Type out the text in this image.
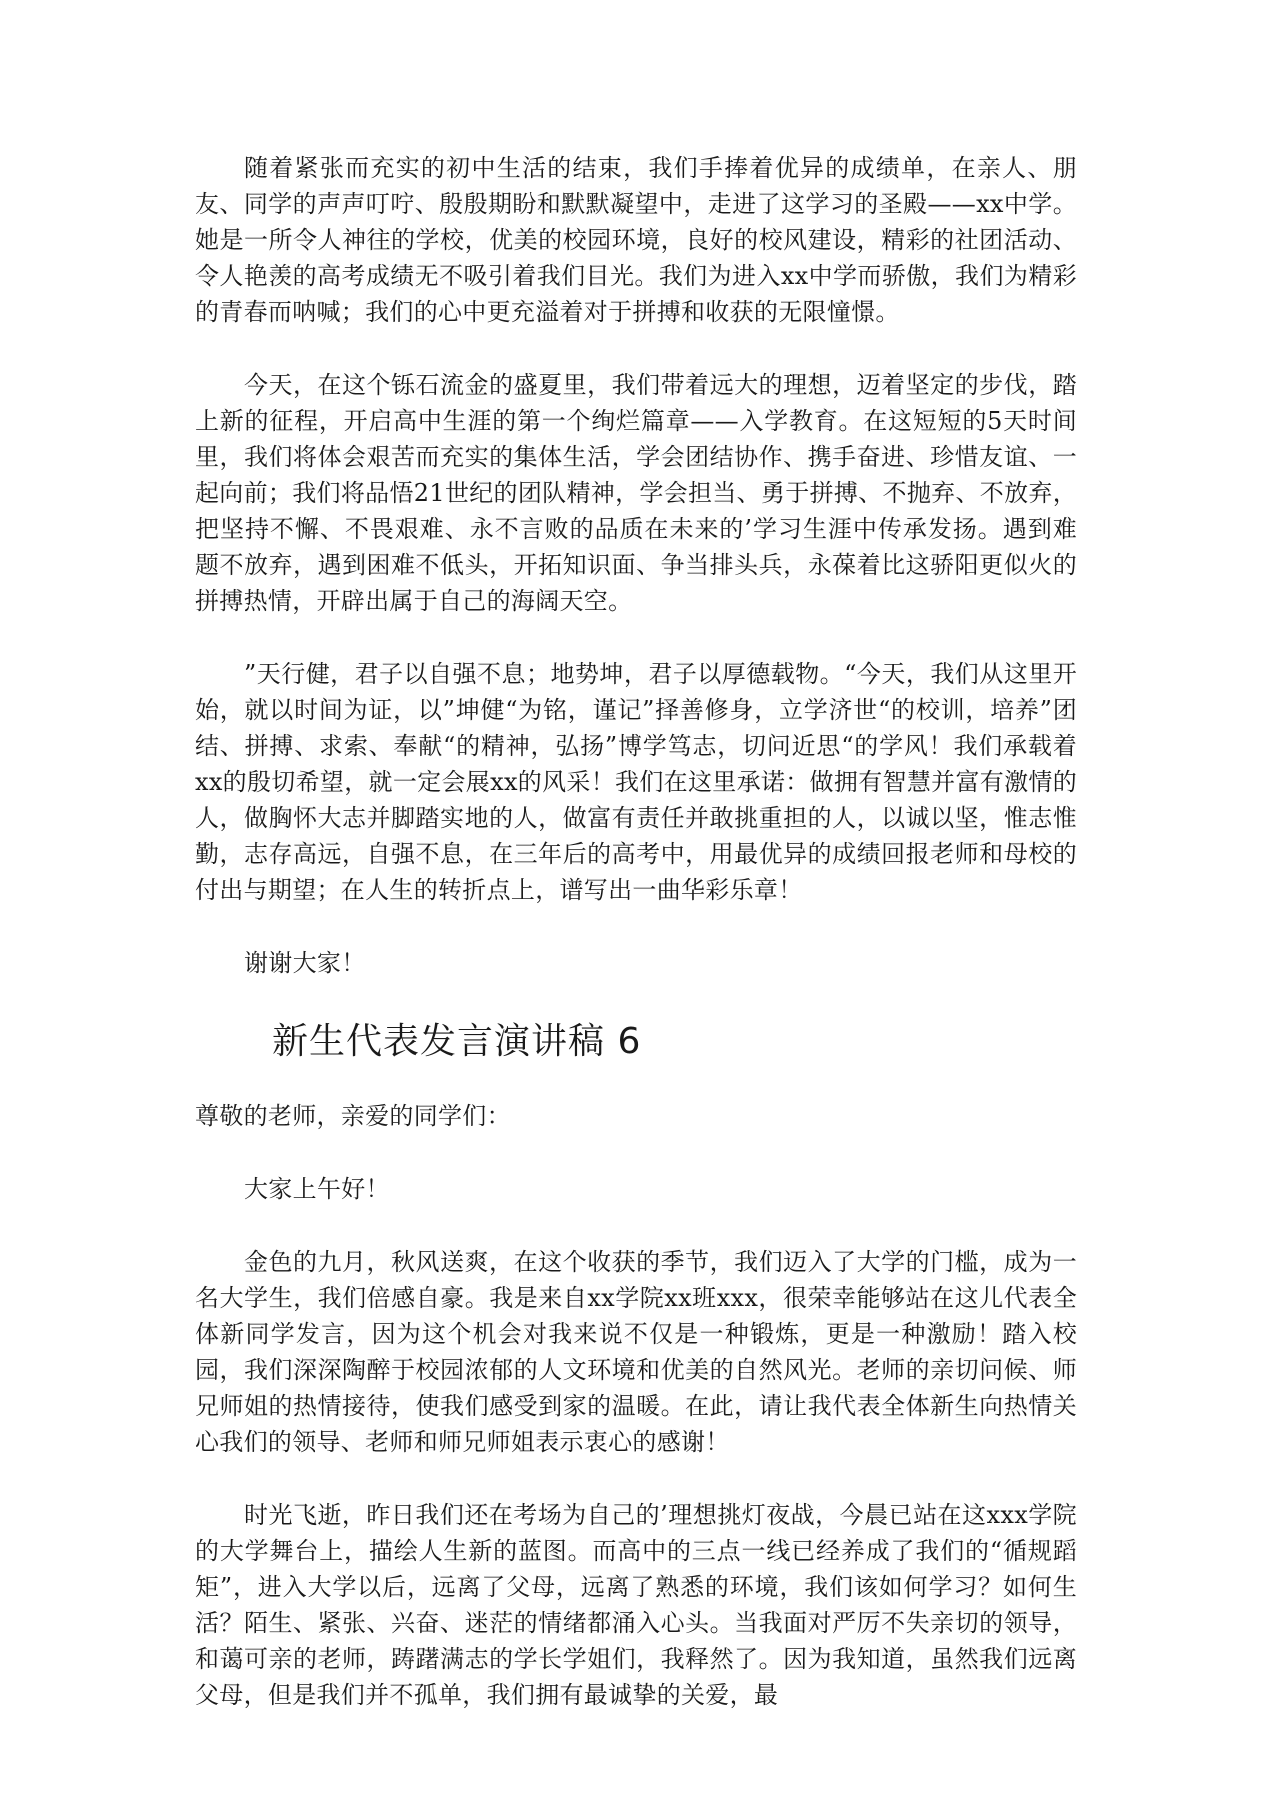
随着紧张而充实的初中生活的结束，我们手捧着优异的成绩单，在亲人、朋友、同学的声声叮咛、殷殷期盼和默默凝望中，走进了这学习的圣殿——xx中学。她是一所令人神往的学校，优美的校园环境，良好的校风建设，精彩的社团活动、令人艳羡的高考成绩无不吸引着我们目光。我们为进入xx中学而骄傲，我们为精彩的青春而呐喊；我们的心中更充溢着对于拼搏和收获的无限憧憬。

今天，在这个铄石流金的盛夏里，我们带着远大的理想，迈着坚定的步伐，踏上新的征程，开启高中生涯的第一个绚烂篇章——入学教育。在这短短的5天时间里，我们将体会艰苦而充实的集体生活，学会团结协作、携手奋进、珍惜友谊、一起向前；我们将品悟21世纪的团队精神，学会担当、勇于拼搏、不抛弃、不放弃，把坚持不懈、不畏艰难、永不言败的品质在未来的’学习生涯中传承发扬。遇到难题不放弃，遇到困难不低头，开拓知识面、争当排头兵，永葆着比这骄阳更似火的拼搏热情，开辟出属于自己的海阔天空。

”天行健，君子以自强不息；地势坤，君子以厚德载物。“今天，我们从这里开始，就以时间为证，以”坤健“为铭，谨记”择善修身，立学济世“的校训，培养”团结、拼搏、求索、奉献“的精神，弘扬”博学笃志，切问近思“的学风！我们承载着xx的殷切希望，就一定会展xx的风采！我们在这里承诺：做拥有智慧并富有激情的人，做胸怀大志并脚踏实地的人，做富有责任并敢挑重担的人，以诚以坚，惟志惟勤，志存高远，自强不息，在三年后的高考中，用最优异的成绩回报老师和母校的付出与期望；在人生的转折点上，谱写出一曲华彩乐章！

谢谢大家！

新生代表发言演讲稿 6

尊敬的老师，亲爱的同学们：

大家上午好！

金色的九月，秋风送爽，在这个收获的季节，我们迈入了大学的门槛，成为一名大学生，我们倍感自豪。我是来自xx学院xx班xxx，很荣幸能够站在这儿代表全体新同学发言，因为这个机会对我来说不仅是一种锻炼，更是一种激励！踏入校园，我们深深陶醉于校园浓郁的人文环境和优美的自然风光。老师的亲切问候、师兄师姐的热情接待，使我们感受到家的温暖。在此，请让我代表全体新生向热情关心我们的领导、老师和师兄师姐表示衷心的感谢！

时光飞逝，昨日我们还在考场为自己的’理想挑灯夜战，今晨已站在这xxx学院的大学舞台上，描绘人生新的蓝图。而高中的三点一线已经养成了我们的“循规蹈矩”，进入大学以后，远离了父母，远离了熟悉的环境，我们该如何学习？如何生活？陌生、紧张、兴奋、迷茫的情绪都涌入心头。当我面对严厉不失亲切的领导，和蔼可亲的老师，踌躇满志的学长学姐们，我释然了。因为我知道，虽然我们远离父母，但是我们并不孤单，我们拥有最诚挚的关爱，最
